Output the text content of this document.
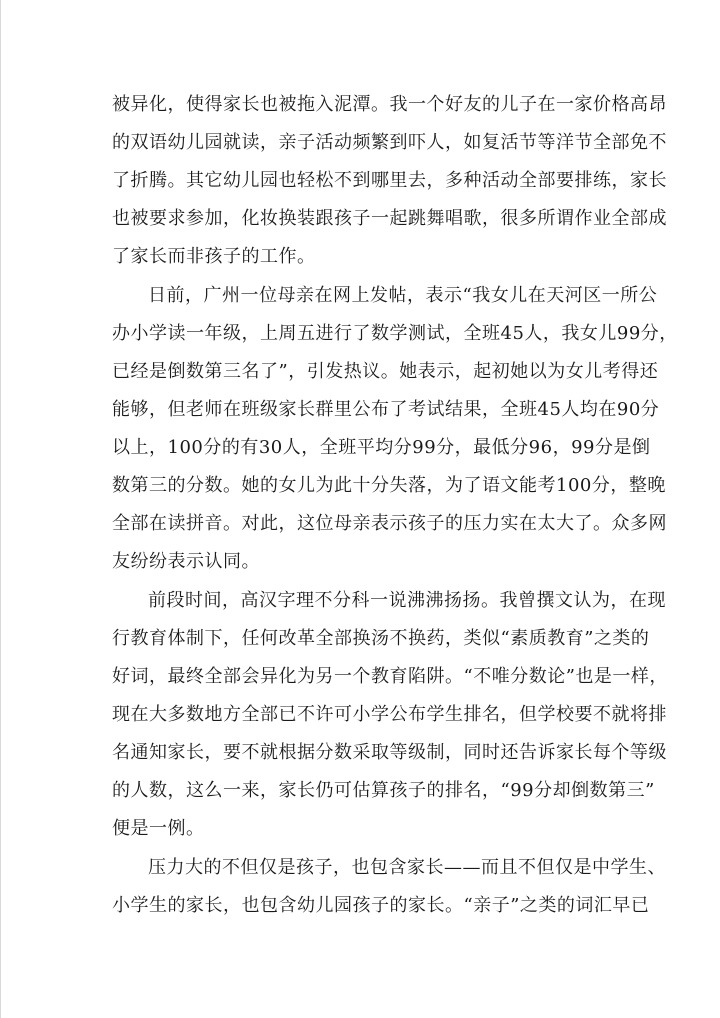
被异化，使得家长也被拖入泥潭。我一个好友的儿子在一家价格高昂
的双语幼儿园就读，亲子活动频繁到吓人，如复活节等洋节全部免不
了折腾。其它幼儿园也轻松不到哪里去，多种活动全部要排练，家长
也被要求参加，化妆换装跟孩子一起跳舞唱歌，很多所谓作业全部成
了家长而非孩子的工作。
日前，广州一位母亲在网上发帖，表示“我女儿在天河区一所公
办小学读一年级，上周五进行了数学测试，全班45人，我女儿99分，
已经是倒数第三名了”，引发热议。她表示，起初她以为女儿考得还
能够，但老师在班级家长群里公布了考试结果，全班45人均在90分
以上，100分的有30人，全班平均分99分，最低分96，99分是倒
数第三的分数。她的女儿为此十分失落，为了语文能考100分，整晚
全部在读拼音。对此，这位母亲表示孩子的压力实在太大了。众多网
友纷纷表示认同。
前段时间，高汉字理不分科一说沸沸扬扬。我曾撰文认为，在现
行教育体制下，任何改革全部换汤不换药，类似“素质教育”之类的
好词，最终全部会异化为另一个教育陷阱。“不唯分数论”也是一样，
现在大多数地方全部已不许可小学公布学生排名，但学校要不就将排
名通知家长，要不就根据分数采取等级制，同时还告诉家长每个等级
的人数，这么一来，家长仍可估算孩子的排名，“99分却倒数第三”
便是一例。
压力大的不但仅是孩子，也包含家长——而且不但仅是中学生、
小学生的家长，也包含幼儿园孩子的家长。“亲子”之类的词汇早已
